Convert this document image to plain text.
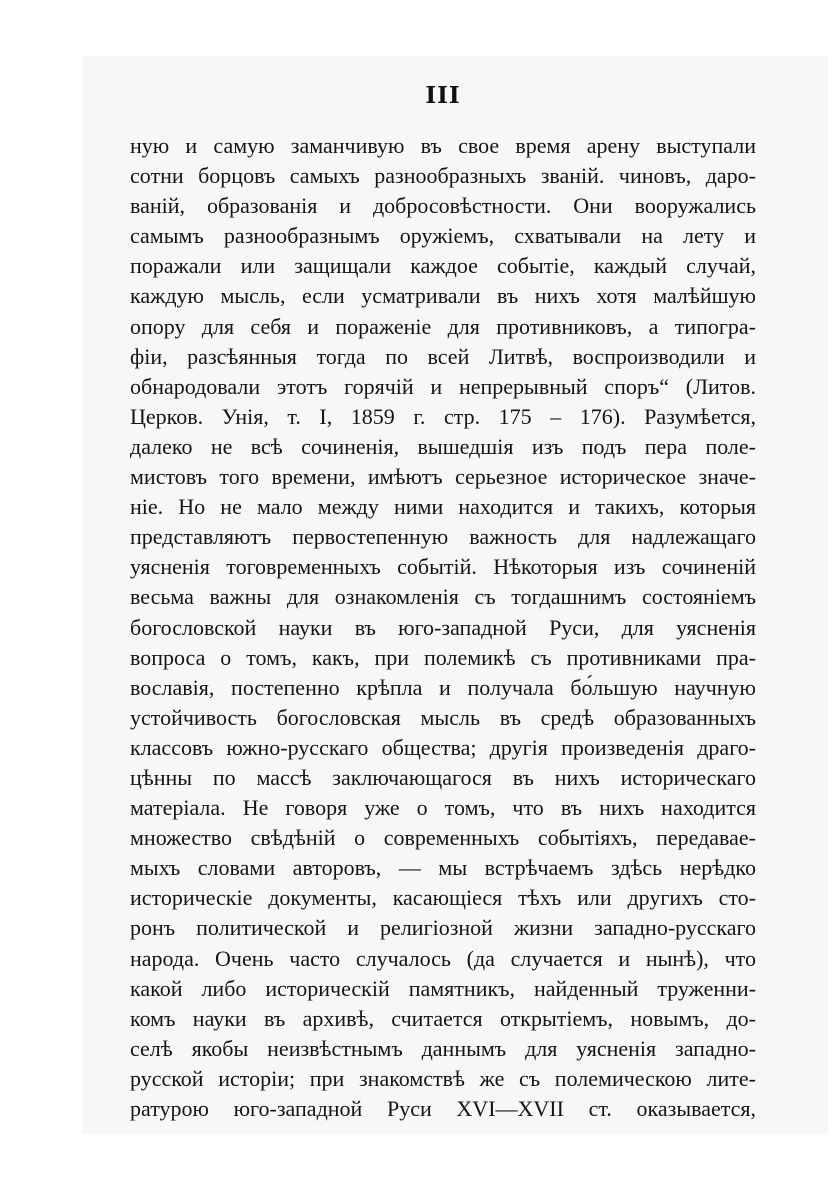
III
ную и самую заманчивую въ свое время арену выступали
сотни борцовъ самыхъ разнообразныхъ званій. чиновъ, даро-
ваній, образованія и добросовѣстности. Они вооружались
самымъ разнообразнымъ оружіемъ, схватывали на лету и
поражали или защищали каждое событіе, каждый случай,
каждую мысль, если усматривали въ нихъ хотя малѣйшую
опору для себя и пораженіе для противниковъ, а типогра-
фіи, разсѣянныя тогда по всей Литвѣ, воспроизводили и
обнародовали этотъ горячій и непрерывный споръ“ (Литов.
Церков. Унія, т. I, 1859 г. стр. 175 – 176). Разумѣется,
далеко не всѣ сочиненія, вышедшія изъ подъ пера поле-
мистовъ того времени, имѣютъ серьезное историческое значе-
ніе. Но не мало между ними находится и такихъ, которыя
представляютъ первостепенную важность для надлежащаго
уясненія тоговременныхъ событій. Нѣкоторыя изъ сочиненій
весьма важны для ознакомленія съ тогдашнимъ состояніемъ
богословской науки въ юго-западной Руси, для уясненія
вопроса о томъ, какъ, при полемикѣ съ противниками пра-
вославія, постепенно крѣпла и получала бо́льшую научную
устойчивость богословская мысль въ средѣ образованныхъ
классовъ южно-русскаго общества; другія произведенія драго-
цѣнны по массѣ заключающагося въ нихъ историческаго
матеріала. Не говоря уже о томъ, что въ нихъ находится
множество свѣдѣній о современныхъ событіяхъ, передавае-
мыхъ словами авторовъ, — мы встрѣчаемъ здѣсь нерѣдко
историческіе документы, касающіеся тѣхъ или другихъ сто-
ронъ политической и религіозной жизни западно-русскаго
народа. Очень часто случалось (да случается и нынѣ), что
какой либо историческій памятникъ, найденный труженни-
комъ науки въ архивѣ, считается открытіемъ, новымъ, до-
селѣ якобы неизвѣстнымъ даннымъ для уясненія западно-
русской исторіи; при знакомствѣ же съ полемическою лите-
ратурою юго-западной Руси XVI—XVII ст. оказывается,
